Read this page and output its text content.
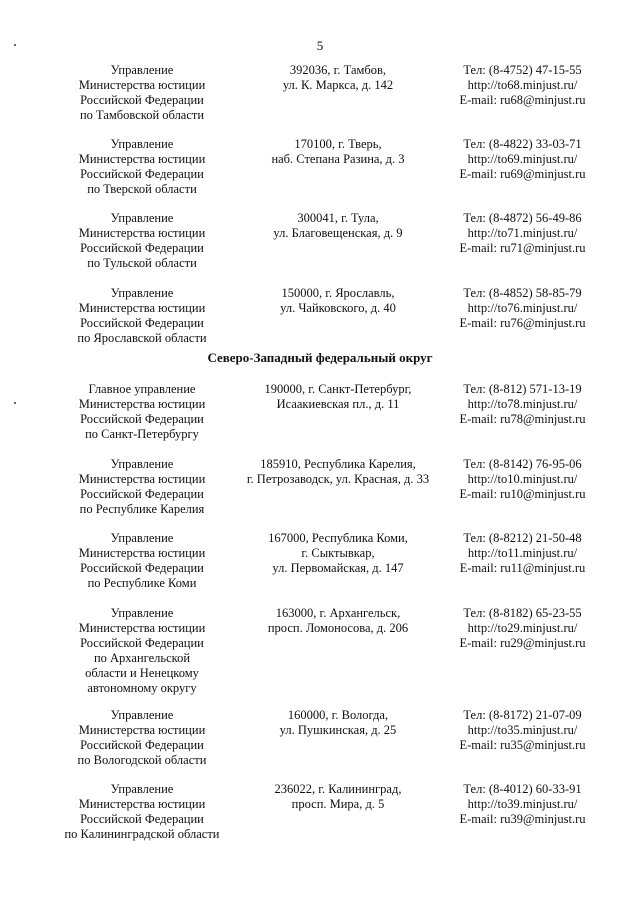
5
Северо-Западный федеральный округ
Управление
Министерства юстиции
Российской Федерации
по Тамбовской области
392036, г. Тамбов,
ул. К. Маркса, д. 142
Тел: (8-4752) 47-15-55
http://to68.minjust.ru/
E-mail: ru68@minjust.ru
Управление
Министерства юстиции
Российской Федерации
по Тверской области
170100, г. Тверь,
наб. Степана Разина, д. 3
Тел: (8-4822) 33-03-71
http://to69.minjust.ru/
E-mail: ru69@minjust.ru
Управление
Министерства юстиции
Российской Федерации
по Тульской области
300041, г. Тула,
ул. Благовещенская, д. 9
Тел: (8-4872) 56-49-86
http://to71.minjust.ru/
E-mail: ru71@minjust.ru
Управление
Министерства юстиции
Российской Федерации
по Ярославской области
150000, г. Ярославль,
ул. Чайковского, д. 40
Тел: (8-4852) 58-85-79
http://to76.minjust.ru/
E-mail: ru76@minjust.ru
Главное управление
Министерства юстиции
Российской Федерации
по Санкт-Петербургу
190000, г. Санкт-Петербург,
Исаакиевская пл., д. 11
Тел: (8-812) 571-13-19
http://to78.minjust.ru/
E-mail: ru78@minjust.ru
Управление
Министерства юстиции
Российской Федерации
по Республике Карелия
185910, Республика Карелия,
г. Петрозаводск, ул. Красная, д. 33
Тел: (8-8142) 76-95-06
http://to10.minjust.ru/
E-mail: ru10@minjust.ru
Управление
Министерства юстиции
Российской Федерации
по Республике Коми
167000, Республика Коми,
г. Сыктывкар,
ул. Первомайская, д. 147
Тел: (8-8212) 21-50-48
http://to11.minjust.ru/
E-mail: ru11@minjust.ru
Управление
Министерства юстиции
Российской Федерации
по Архангельской
области и Ненецкому
автономному округу
163000, г. Архангельск,
просп. Ломоносова, д. 206
Тел: (8-8182) 65-23-55
http://to29.minjust.ru/
E-mail: ru29@minjust.ru
Управление
Министерства юстиции
Российской Федерации
по Вологодской области
160000, г. Вологда,
ул. Пушкинская, д. 25
Тел: (8-8172) 21-07-09
http://to35.minjust.ru/
E-mail: ru35@minjust.ru
Управление
Министерства юстиции
Российской Федерации
по Калининградской области
236022, г. Калининград,
просп. Мира, д. 5
Тел: (8-4012) 60-33-91
http://to39.minjust.ru/
E-mail: ru39@minjust.ru
